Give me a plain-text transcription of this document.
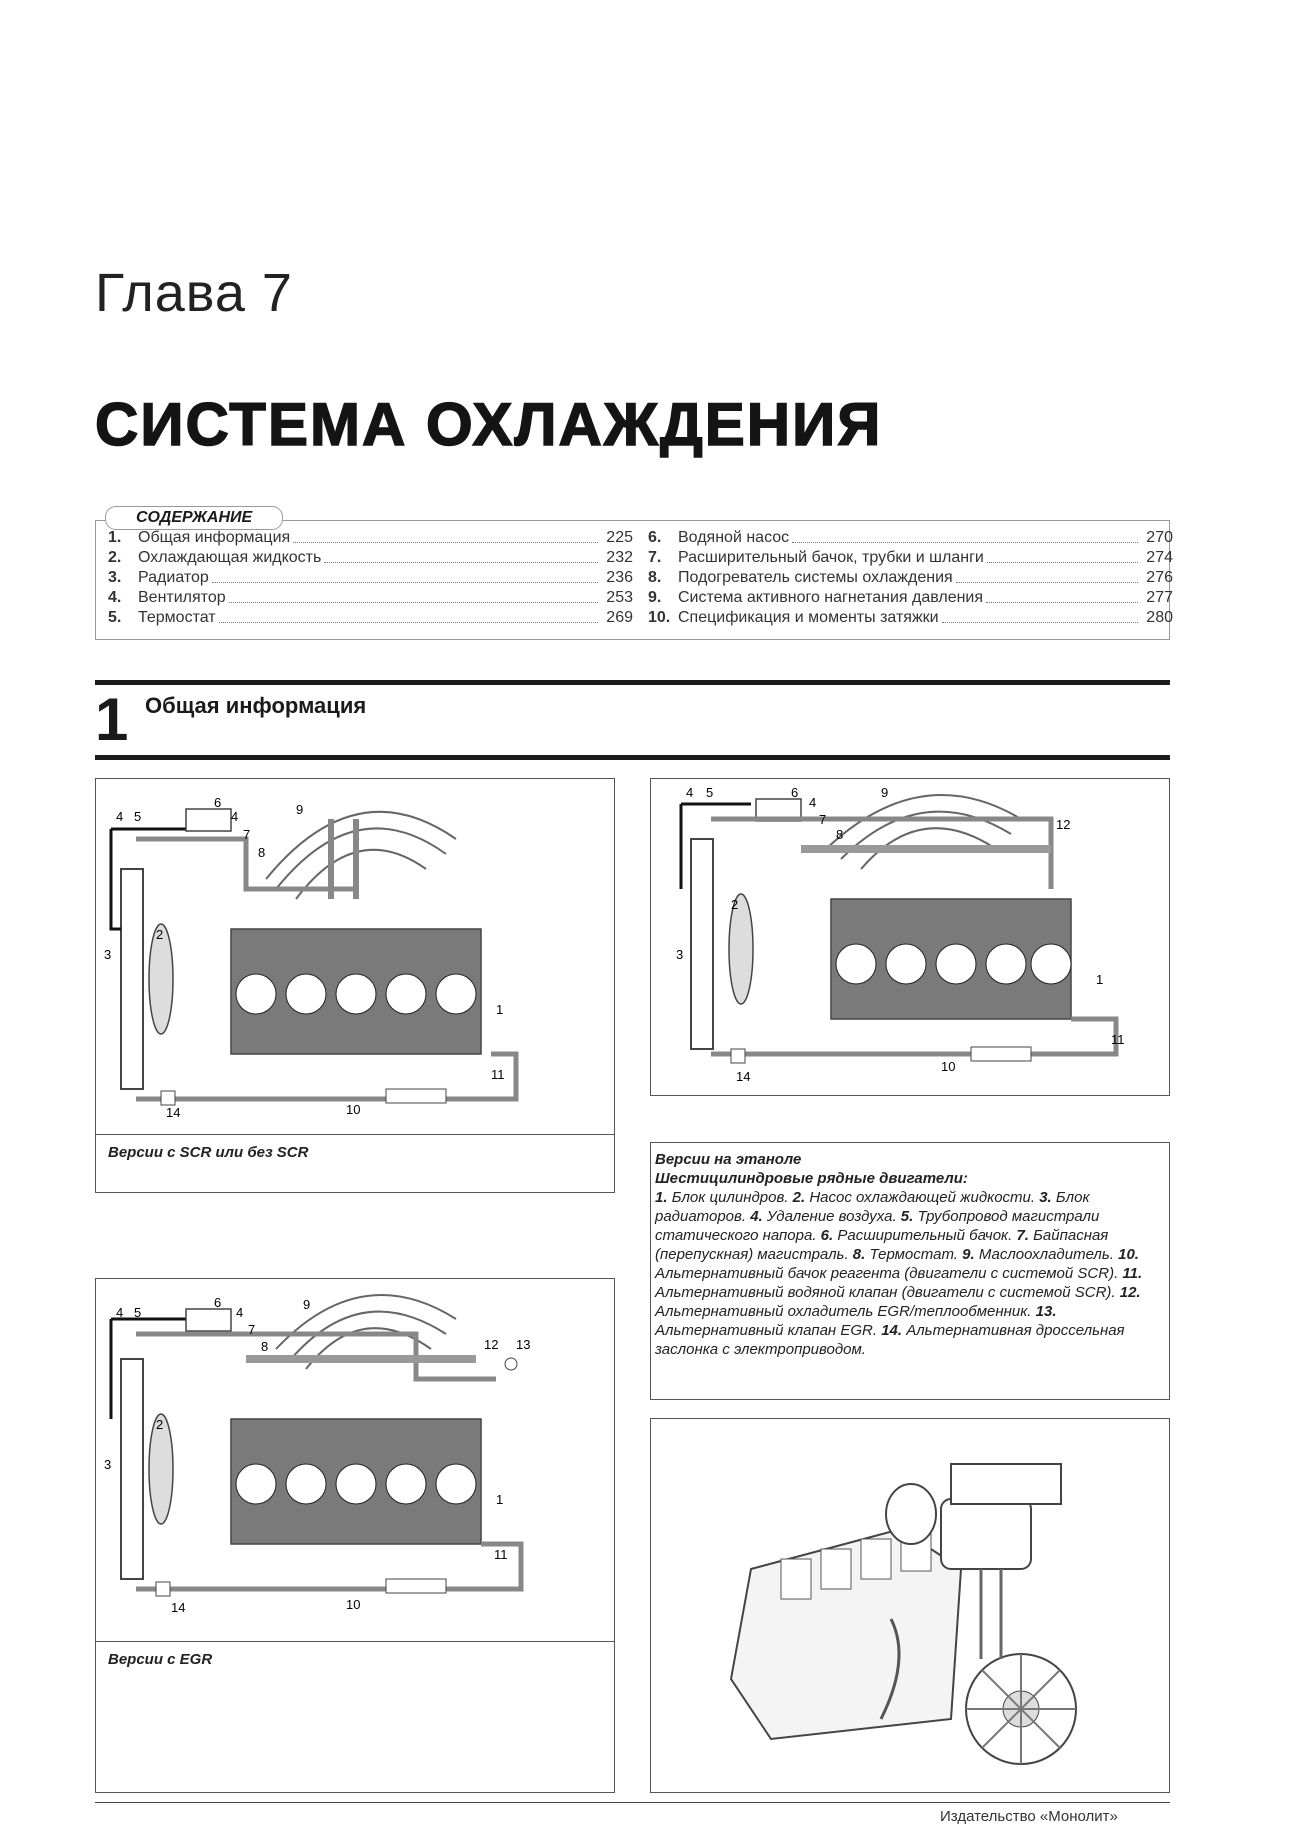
Глава 7
СИСТЕМА ОХЛАЖДЕНИЯ
СОДЕРЖАНИЕ
1.	Общая информация	225
2.	Охлаждающая жидкость	232
3.	Радиатор	236
4.	Вентилятор	253
5.	Термостат	269
6.	Водяной насос	270
7.	Расширительный бачок, трубки и шланги	274
8.	Подогреватель системы охлаждения	276
9.	Система активного нагнетания давления	277
10. Спецификация и моменты затяжки	280
1 Общая информация
4 5
6
4
7
8
9
2
3
1
11
10
14
Версии с SCR или без SCR
4 5	6
4
7
8
9
12
2
3
1
11
10
14
Версии на этаноле
Шестицилиндровые рядные двигатели:
1. Блок цилиндров. 2. Насос охлаждающей жидкости. 3. Блок радиаторов. 4. Удаление воздуха. 5. Трубопровод магистрали статического напора. 6. Расширительный бачок. 7. Байпасная (перепускная) магистраль. 8. Термостат. 9. Маслоохладитель. 10. Альтернативный бачок реагента (двигатели с системой SCR). 11. Альтернативный водяной клапан (двигатели с системой SCR). 12. Альтернативный охладитель EGR/теплообменник. 13. Альтернативный клапан EGR. 14. Альтернативная дроссельная заслонка с электроприводом.
4 5
6
4
7
8
9
12 13
2
3
1
11
10
14
Версии с EGR
Издательство «Монолит»
